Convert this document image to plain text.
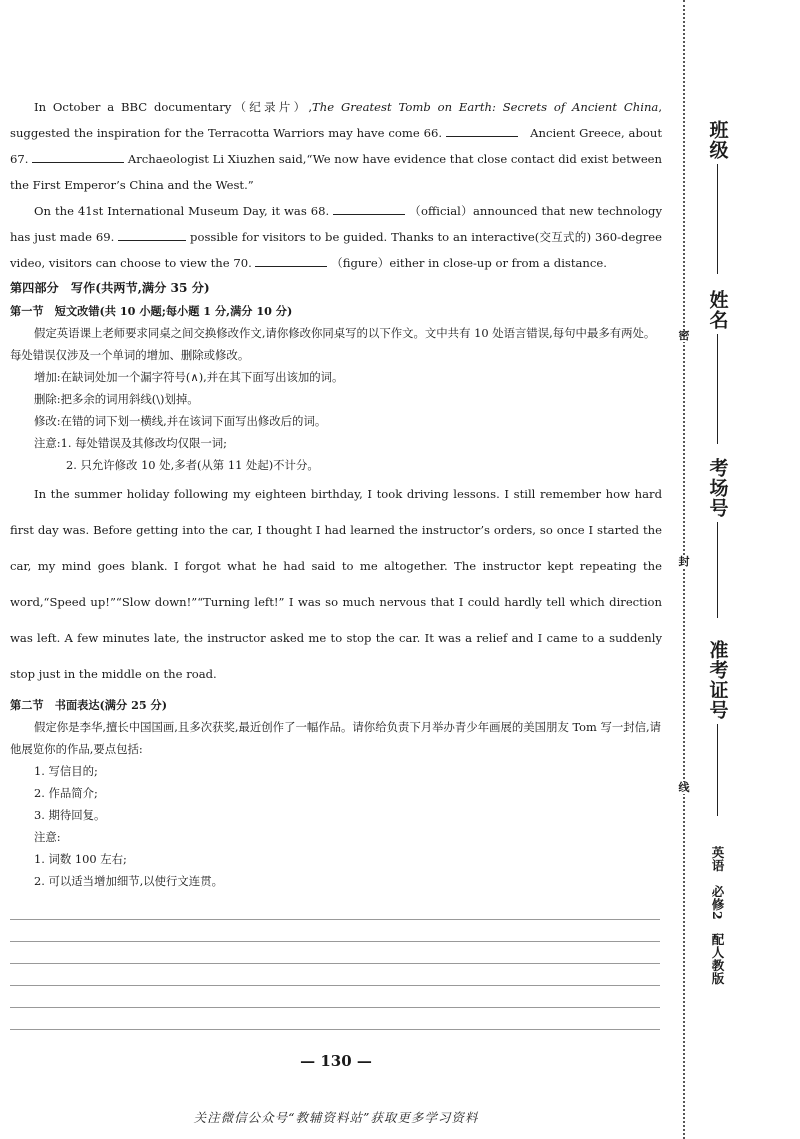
In October a BBC documentary（纪录片）,The Greatest Tomb on Earth: Secrets of Ancient China, suggested the inspiration for the Terracotta Warriors may have come 66. 　	Ancient Greece, about 67.	Archaeologist Li Xiuzhen said,“We now have evidence that close contact did exist between the First Emperor’s China and the West.”

On the 41st International Museum Day, it was 68.	（official）announced that new technology has just made 69.	possible for visitors to be guided. Thanks to an interactive(交互式的) 360-degree video, visitors can choose to view the 70.	（figure）either in close-up or from a distance.

第四部分　写作(共两节,满分 35 分)

第一节　短文改错(共 10 小题;每小题 1 分,满分 10 分)

假定英语课上老师要求同桌之间交换修改作文,请你修改你同桌写的以下作文。文中共有 10 处语言错误,每句中最多有两处。每处错误仅涉及一个单词的增加、删除或修改。

增加:在缺词处加一个漏字符号(∧),并在其下面写出该加的词。

删除:把多余的词用斜线(\)划掉。

修改:在错的词下划一横线,并在该词下面写出修改后的词。

注意:1. 每处错误及其修改均仅限一词;

2. 只允许修改 10 处,多者(从第 11 处起)不计分。

In the summer holiday following my eighteen birthday, I took driving lessons. I still remember how hard first day was. Before getting into the car, I thought I had learned the instructor’s orders, so once I started the car, my mind goes blank. I forgot what he had said to me altogether. The instructor kept repeating the word,“Speed up!”“Slow down!”“Turning left!” I was so much nervous that I could hardly tell which direction was left. A few minutes late, the instructor asked me to stop the car. It was a relief and I came to a suddenly stop just in the middle on the road.

第二节　书面表达(满分 25 分)

假定你是李华,擅长中国国画,且多次获奖,最近创作了一幅作品。请你给负责下月举办青少年画展的美国朋友 Tom 写一封信,请他展览你的作品,要点包括:

1. 写信目的;

2. 作品简介;

3. 期待回复。

注意:

1. 词数 100 左右;

2. 可以适当增加细节,以使行文连贯。

— 130 —
关注微信公众号“教辅资料站”获取更多学习资料
班级
姓名
考场号
准考证号
密
封
线
英语　必修2　配人教版
